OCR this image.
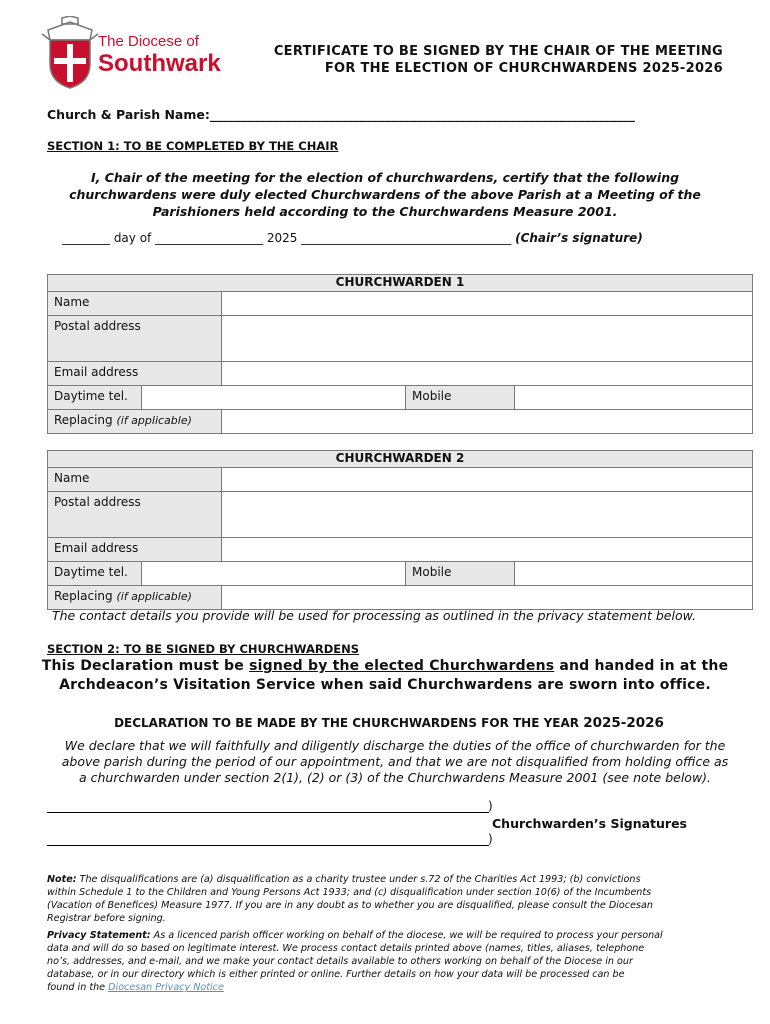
The Diocese of
Southwark	CERTIFICATE TO BE SIGNED BY THE CHAIR OF THE MEETING
FOR THE ELECTION OF CHURCHWARDENS 2025-2026
Church & Parish Name:____________________________________________________________________
SECTION 1: TO BE COMPLETED BY THE CHAIR
I, Chair of the meeting for the election of churchwardens, certify that the following
churchwardens were duly elected Churchwardens of the above Parish at a Meeting of the
Parishioners held according to the Churchwardens Measure 2001.
________ day of __________________ 2025 ___________________________________ (Chair’s signature)
CHURCHWARDEN 1				
Name				
Postal address				
Email address				
Daytime tel.			Mobile	
Replacing (if applicable)				
CHURCHWARDEN 2				
Name				
Postal address				
Email address				
Daytime tel.			Mobile	
Replacing (if applicable)				
The contact details you provide will be used for processing as outlined in the privacy statement below.
SECTION 2: TO BE SIGNED BY CHURCHWARDENS
This Declaration must be signed by the elected Churchwardens and handed in at the
Archdeacon’s Visitation Service when said Churchwardens are sworn into office.
DECLARATION TO BE MADE BY THE CHURCHWARDENS FOR THE YEAR 2025-2026
We declare that we will faithfully and diligently discharge the duties of the office of churchwarden for the
above parish during the period of our appointment, and that we are not disqualified from holding office as
a churchwarden under section 2(1), (2) or (3) of the Churchwardens Measure 2001 (see note below).
)
Churchwarden’s Signatures
)
Note: The disqualifications are (a) disqualification as a charity trustee under s.72 of the Charities Act 1993; (b) convictions
within Schedule 1 to the Children and Young Persons Act 1933; and (c) disqualification under section 10(6) of the Incumbents
(Vacation of Benefices) Measure 1977. If you are in any doubt as to whether you are disqualified, please consult the Diocesan
Registrar before signing.
Privacy Statement: As a licenced parish officer working on behalf of the diocese, we will be required to process your personal
data and will do so based on legitimate interest. We process contact details printed above (names, titles, aliases, telephone
no’s, addresses, and e-mail, and we make your contact details available to others working on behalf of the Diocese in our
database, or in our directory which is either printed or online. Further details on how your data will be processed can be
found in the Diocesan Privacy Notice
